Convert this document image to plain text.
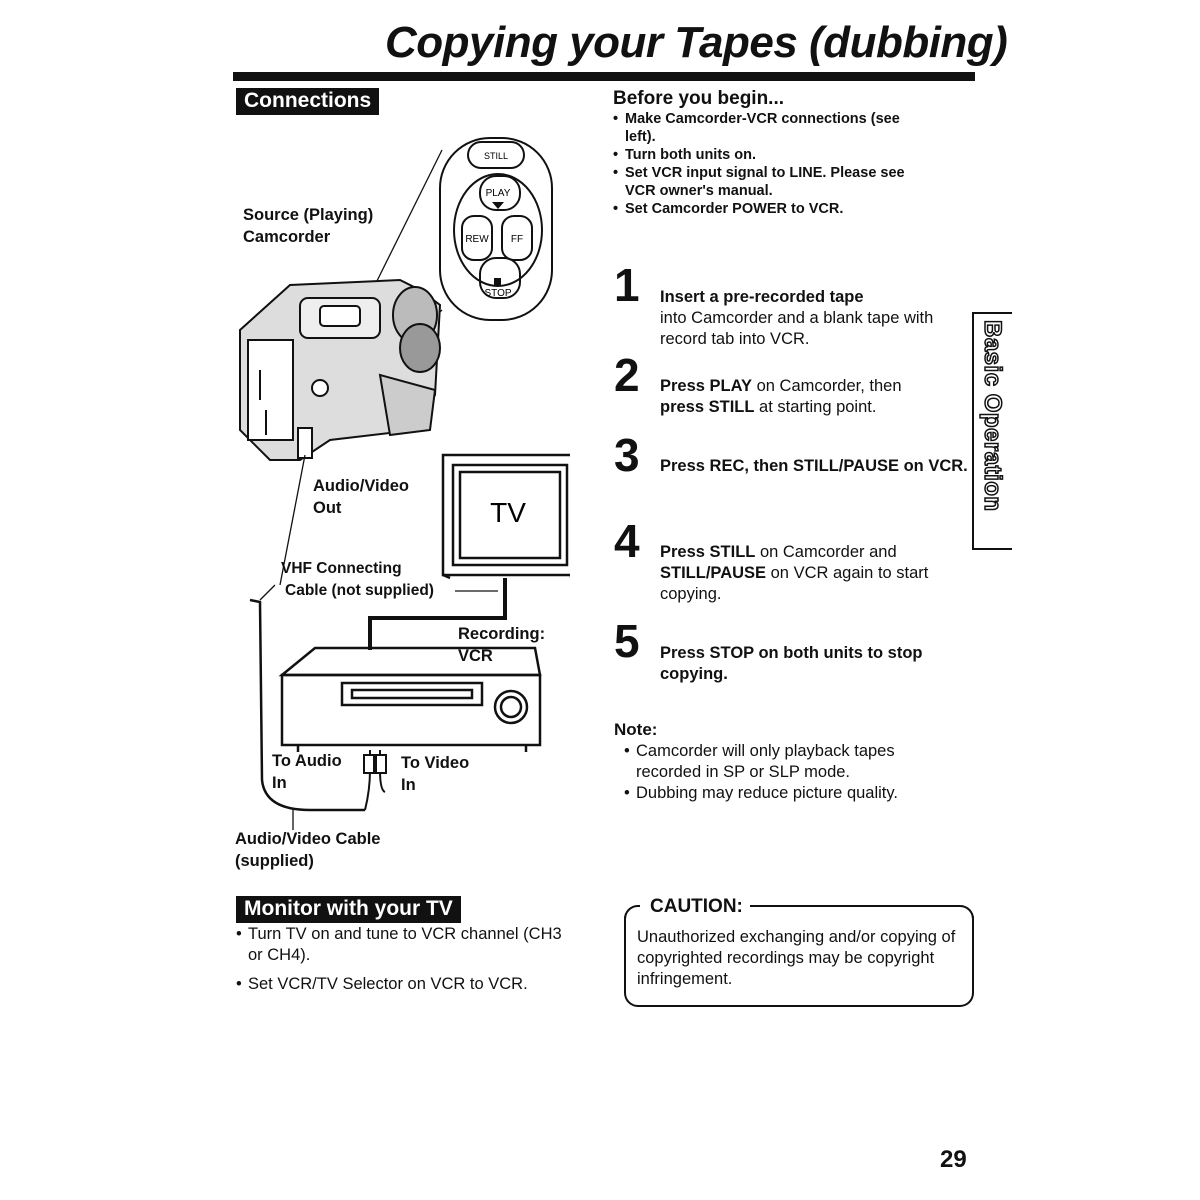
Copying your Tapes (dubbing)
Connections
STILL
PLAY
REW FF
STOP
TV
Source (Playing)
Camcorder
Audio/Video
Out
VHF Connecting
Cable (not supplied)
Recording:
VCR
To Audio
In
To Video
In
Audio/Video Cable
(supplied)
Before you begin...
• Make Camcorder-VCR connections (see left).
• Turn both units on.
• Set VCR input signal to LINE. Please see VCR owner's manual.
• Set Camcorder POWER to VCR.
1 Insert a pre-recorded tape
into Camcorder and a blank tape with record tab into VCR.
2 Press PLAY on Camcorder, then press STILL at starting point.
3 Press REC, then STILL/PAUSE on VCR.
4 Press STILL on Camcorder and STILL/PAUSE on VCR again to start copying.
5 Press STOP on both units to stop copying.
Basic Operation
Note:
• Camcorder will only playback tapes recorded in SP or SLP mode.
• Dubbing may reduce picture quality.
Monitor with your TV
• Turn TV on and tune to VCR channel (CH3 or CH4).
• Set VCR/TV Selector on VCR to VCR.
CAUTION:
Unauthorized exchanging and/or copying of copyrighted recordings may be copyright infringement.
29
